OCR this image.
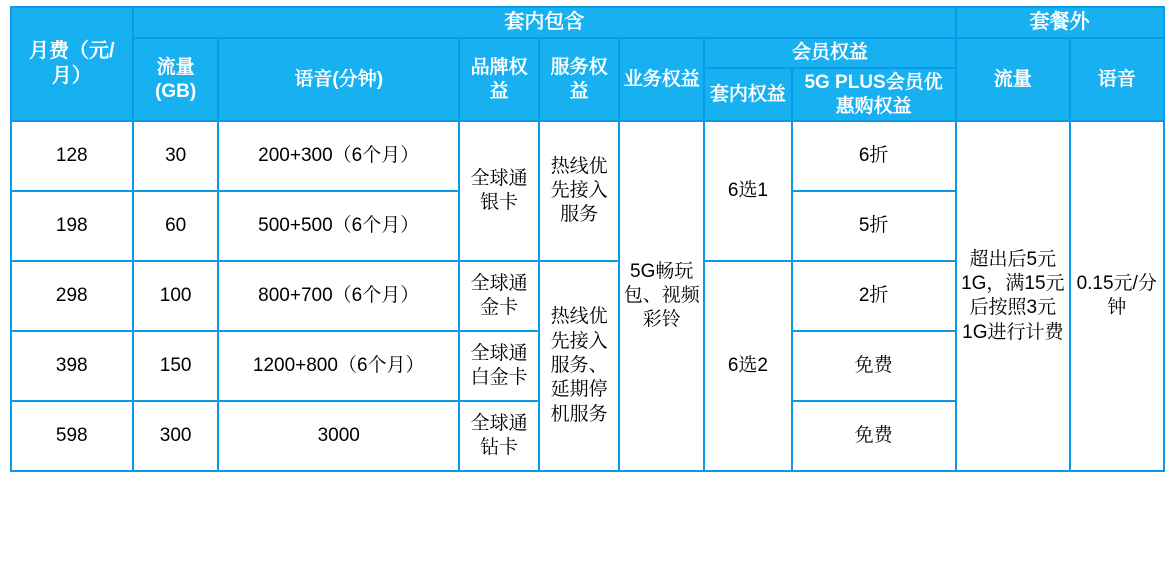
月费（元/月）	套内包含							套餐外	
	流量(GB)	语音(分钟)	品牌权益	服务权益	业务权益	会员权益		流量	语音
						套内权益	5G PLUS会员优惠购权益		
128	30	200+300（6个月）	全球通银卡	热线优先接入服务	5G畅玩包、视频彩铃	6选1	6折	超出后5元1G，满15元后按照3元1G进行计费	0.15元/分钟
198	60	500+500（6个月）					5折		
298	100	800+700（6个月）	全球通金卡	热线优先接入服务、延期停机服务		6选2	2折		
398	150	1200+800（6个月）	全球通白金卡				免费		
598	300	3000	全球通钻卡				免费		
